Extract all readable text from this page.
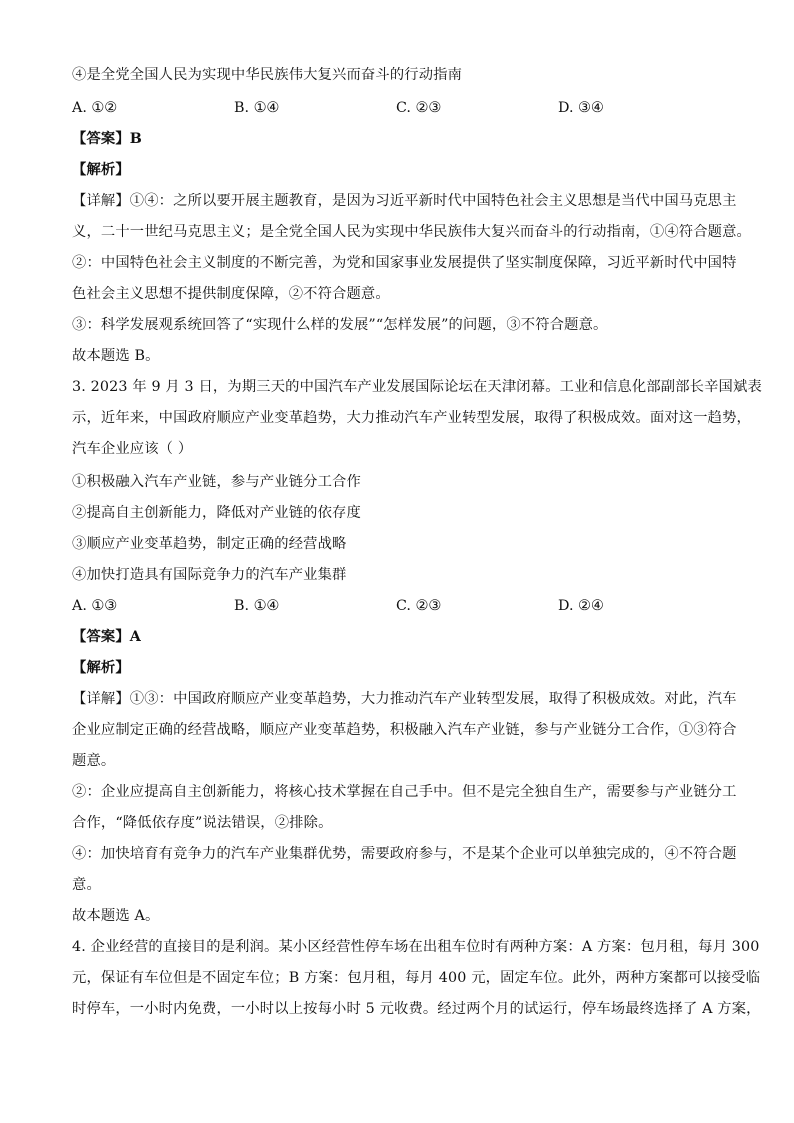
④是全党全国人民为实现中华民族伟大复兴而奋斗的行动指南
A. ①②	B. ①④	C. ②③	D. ③④
【答案】B
【解析】
【详解】①④：之所以要开展主题教育，是因为习近平新时代中国特色社会主义思想是当代中国马克思主
义，二十一世纪马克思主义；是全党全国人民为实现中华民族伟大复兴而奋斗的行动指南，①④符合题意。
②：中国特色社会主义制度的不断完善，为党和国家事业发展提供了坚实制度保障，习近平新时代中国特
色社会主义思想不提供制度保障，②不符合题意。
③：科学发展观系统回答了“实现什么样的发展”“怎样发展”的问题，③不符合题意。
故本题选 B。
3. 2023 年 9 月 3 日，为期三天的中国汽车产业发展国际论坛在天津闭幕。工业和信息化部副部长辛国斌表
示，近年来，中国政府顺应产业变革趋势，大力推动汽车产业转型发展，取得了积极成效。面对这一趋势，
汽车企业应该（ ）
①积极融入汽车产业链，参与产业链分工合作
②提高自主创新能力，降低对产业链的依存度
③顺应产业变革趋势，制定正确的经营战略
④加快打造具有国际竞争力的汽车产业集群
A. ①③	B. ①④	C. ②③	D. ②④
【答案】A
【解析】
【详解】①③：中国政府顺应产业变革趋势，大力推动汽车产业转型发展，取得了积极成效。对此，汽车
企业应制定正确的经营战略，顺应产业变革趋势，积极融入汽车产业链，参与产业链分工合作，①③符合
题意。
②：企业应提高自主创新能力，将核心技术掌握在自己手中。但不是完全独自生产，需要参与产业链分工
合作，“降低依存度”说法错误，②排除。
④：加快培育有竞争力的汽车产业集群优势，需要政府参与，不是某个企业可以单独完成的，④不符合题
意。
故本题选 A。
4. 企业经营的直接目的是利润。某小区经营性停车场在出租车位时有两种方案：A 方案：包月租，每月 300
元，保证有车位但是不固定车位；B 方案：包月租，每月 400 元，固定车位。此外，两种方案都可以接受临
时停车，一小时内免费，一小时以上按每小时 5 元收费。经过两个月的试运行，停车场最终选择了 A 方案，
